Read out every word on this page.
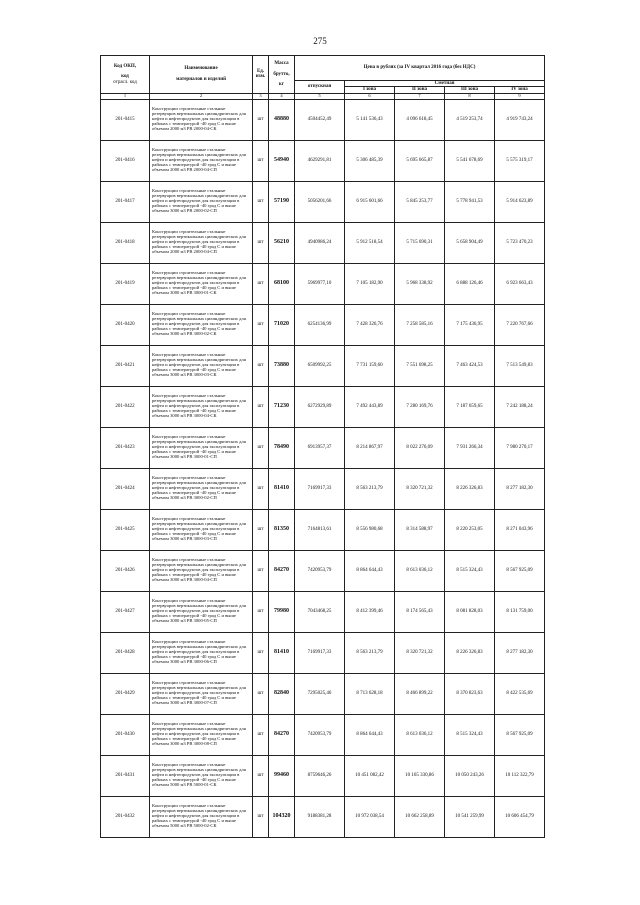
275
Код ОКП,

код
отрасл. код	Наименование

материалов и изделий	Ед.
изм.	Масса

брутто,

кг	Цена в рублях (за IV квартал 2016 года (без НДС)				
				отпускная	Сметная			
					I зона	II зона	III зона	IV зона
1	2	3	4	5	6	7	8	9
201-0415	Конструкции строительные стальные резервуаров вертикальных цилиндрических для нефти и нефтепродуктов для эксплуатации в районах с температурой -40 град С и выше объемом 2000 м3 РВ 2000-04-СК	шт	48880	4504452,49	5 141 536,43	4 096 618,45	4 519 253,74	4 919 743,24
201-0416	Конструкции строительные стальные резервуаров вертикальных цилиндрических для нефти и нефтепродуктов для эксплуатации в районах с температурой -40 град С и выше объемом 2000 м3 РВ 2000-04-СП	шт	54940	4629291,81	5 306 485,39	5 695 665,87	5 541 678,69	5 575 319,17
201-0417	Конструкции строительные стальные резервуаров вертикальных цилиндрических для нефти и нефтепродуктов для эксплуатации в районах с температурой -40 град С и выше объемом 3000 м3 РВ 2000-02-СП	шт	57190	5056201,66	6 915 601,66	5 845 253,77	5 778 941,53	5 914 623,89
201-0418	Конструкции строительные стальные резервуаров вертикальных цилиндрических для нефти и нефтепродуктов для эксплуатации в районах с температурой -40 град С и выше объемом 2000 м3 РВ 2000-04-СП	шт	56210	4940986,24	5 912 518,54	5 715 690,31	5 658 904,49	5 723 470,23
201-0419	Конструкции строительные стальные резервуаров вертикальных цилиндрических для нефти и нефтепродуктов для эксплуатации в районах с температурой -40 град С и выше объемом 3000 м3 РВ 3000-01-СК	шт	68100	5969977,10	7 105 182,90	5 968 338,92	6 888 126,46	6 923 663,43
201-0420	Конструкции строительные стальные резервуаров вертикальных цилиндрических для нефти и нефтепродуктов для эксплуатации в районах с температурой -40 град С и выше объемом 3000 м3 РВ 3000-02-СК	шт	71020	6254136,99	7 428 326,76	7 258 585,16	7 175 436,95	7 220 767,66
201-0421	Конструкции строительные стальные резервуаров вертикальных цилиндрических для нефти и нефтепродуктов для эксплуатации в районах с температурой -40 град С и выше объемом 3000 м3 РВ 3000-03-СК	шт	73880	6509992,25	7 731 159,60	7 551 698,25	7 463 424,53	7 513 549,83
201-0422	Конструкции строительные стальные резервуаров вертикальных цилиндрических для нефти и нефтепродуктов для эксплуатации в районах с температурой -40 град С и выше объемом 3000 м3 РВ 3000-04-СК	шт	71230	6272929,89	7 492 443,89	7 280 169,76	7 187 659,65	7 242 188,24
201-0423	Конструкции строительные стальные резервуаров вертикальных цилиндрических для нефти и нефтепродуктов для эксплуатации в районах с температурой -40 град С и выше объемом 3000 м3 РВ 3000-01-СП	шт	78490	6913957,37	8 214 867,97	8 022 276,09	7 931 266,34	7 980 270,17
201-0424	Конструкции строительные стальные резервуаров вертикальных цилиндрических для нефти и нефтепродуктов для эксплуатации в районах с температурой -40 град С и выше объемом 3000 м3 РВ 3000-02-СП	шт	81410	7169917,33	8 563 213,79	8 320 721,32	8 226 326,83	8 277 182,30
201-0425	Конструкции строительные стальные резервуаров вертикальных цилиндрических для нефти и нефтепродуктов для эксплуатации в районах с температурой -40 град С и выше объемом 3000 м3 РВ 3000-03-СП	шт	81350	7164813,61	8 556 980,68	8 314 588,97	8 220 253,05	8 271 043,96
201-0426	Конструкции строительные стальные резервуаров вертикальных цилиндрических для нефти и нефтепродуктов для эксплуатации в районах с температурой -40 град С и выше объемом 3000 м3 РВ 3000-04-СП	шт	84270	7420953,79	8 864 644,43	8 613 036,12	8 515 324,43	8 567 925,09
201-0427	Конструкции строительные стальные резервуаров вертикальных цилиндрических для нефти и нефтепродуктов для эксплуатации в районах с температурой -40 град С и выше объемом 3000 м3 РВ 3000-05-СП	шт	79980	7043468,25	8 412 399,46	8 174 565,43	8 081 828,03	8 131 759,00
201-0428	Конструкции строительные стальные резервуаров вертикальных цилиндрических для нефти и нефтепродуктов для эксплуатации в районах с температурой -40 град С и выше объемом 3000 м3 РВ 3000-06-СП	шт	81410	7169917,33	8 563 213,79	8 320 721,32	8 226 326,83	8 277 182,30
201-0429	Конструкции строительные стальные резервуаров вертикальных цилиндрических для нефти и нефтепродуктов для эксплуатации в районах с температурой -40 град С и выше объемом 3000 м3 РВ 3000-07-СП	шт	82840	7295025,46	8 713 628,18	8 466 899,22	8 370 823,63	8 422 535,69
201-0430	Конструкции строительные стальные резервуаров вертикальных цилиндрических для нефти и нефтепродуктов для эксплуатации в районах с температурой -40 град С и выше объемом 3000 м3 РВ 3000-08-СП	шт	84270	7420953,79	8 864 644,43	8 613 036,12	8 515 324,43	8 567 925,09
201-0431	Конструкции строительные стальные резервуаров вертикальных цилиндрических для нефти и нефтепродуктов для эксплуатации в районах с температурой -40 град С и выше объемом 5000 м3 РВ 5000-01-СК	шт	99460	8759646,26	10 451 082,42	10 165 330,86	10 050 243,26	10 112 322,79
201-0432	Конструкции строительные стальные резервуаров вертикальных цилиндрических для нефти и нефтепродуктов для эксплуатации в районах с температурой -40 град С и выше объемом 5000 м3 РВ 5000-02-СК	шт	104320	9188381,28	10 972 038,54	10 662 258,89	10 541 259,99	10 606 454,79
